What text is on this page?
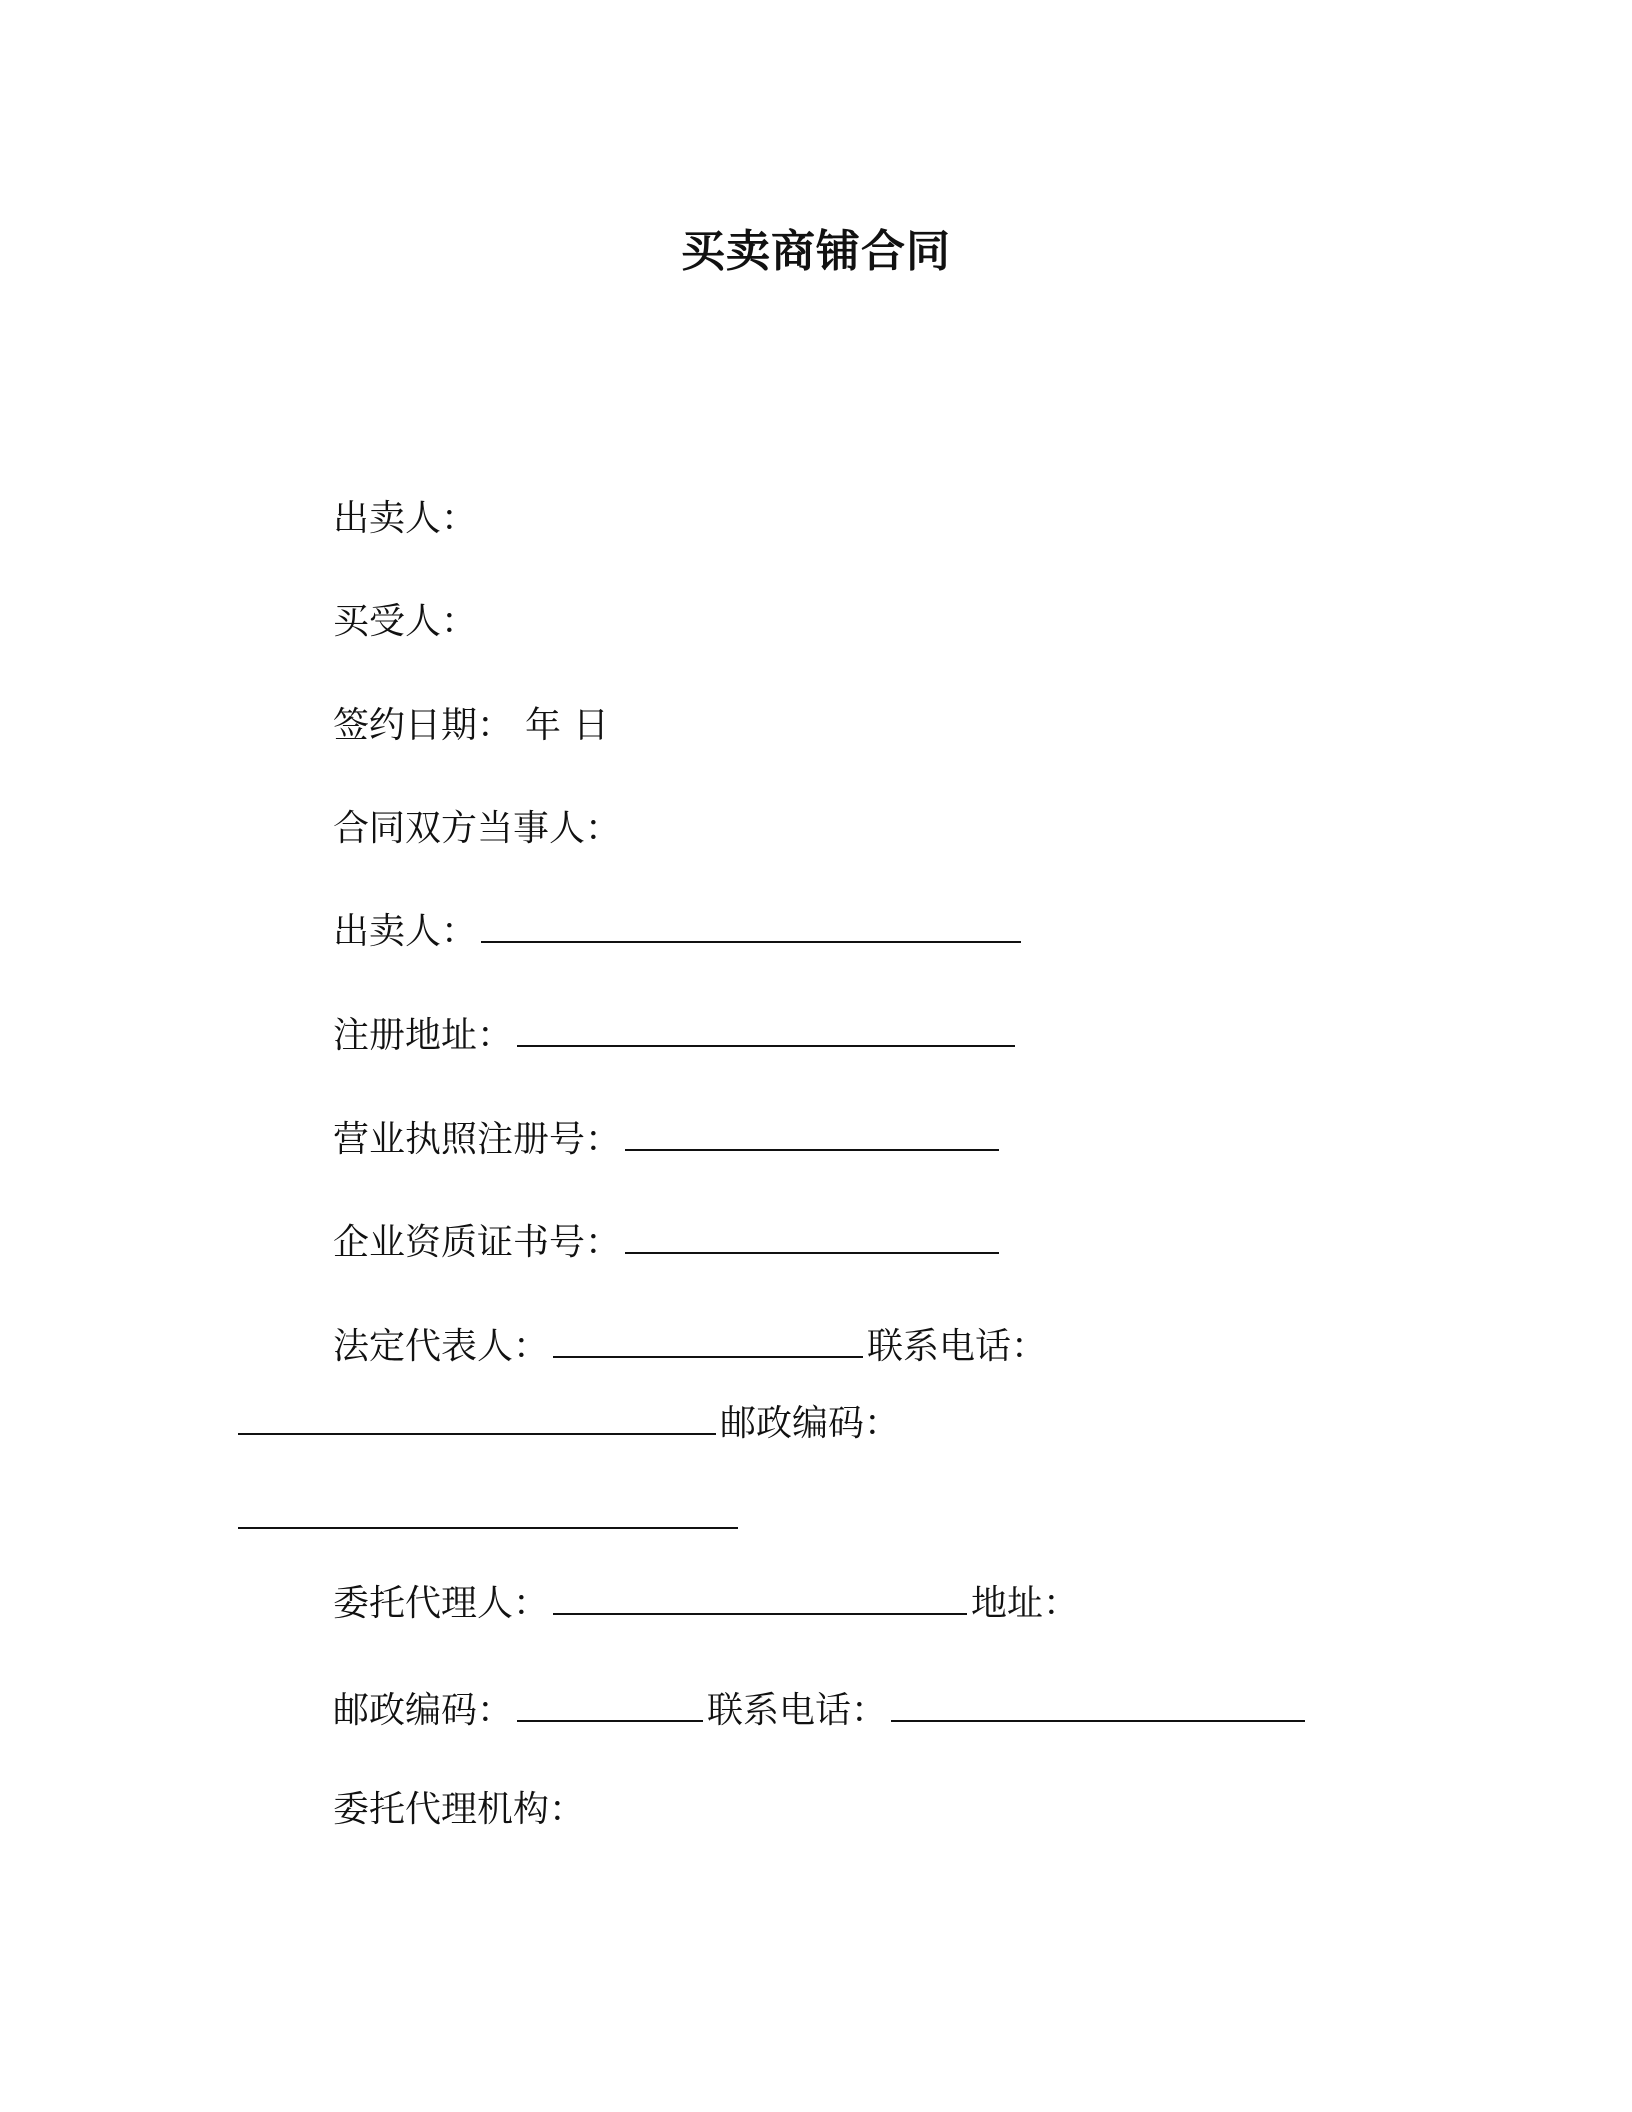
买卖商铺合同
出卖人：
买受人：
签约日期： 年 日
合同双方当事人：
出卖人：
注册地址：
营业执照注册号：
企业资质证书号：
法定代表人：	联系电话：
邮政编码：
委托代理人：	地址：
邮政编码：	联系电话：
委托代理机构：
